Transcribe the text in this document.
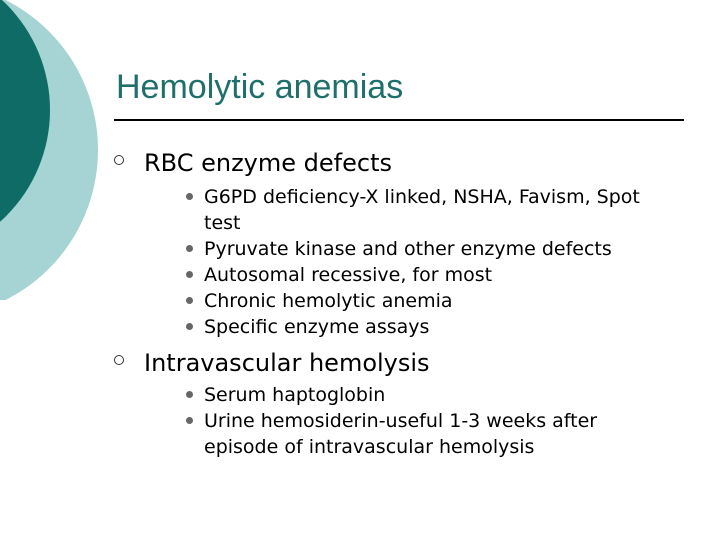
Hemolytic anemias
RBC enzyme defects
G6PD deficiency-X linked, NSHA, Favism, Spot test
Pyruvate kinase and other enzyme defects
Autosomal recessive, for most
Chronic hemolytic anemia
Specific enzyme assays
Intravascular hemolysis
Serum haptoglobin
Urine hemosiderin-useful 1-3 weeks after episode of intravascular hemolysis
